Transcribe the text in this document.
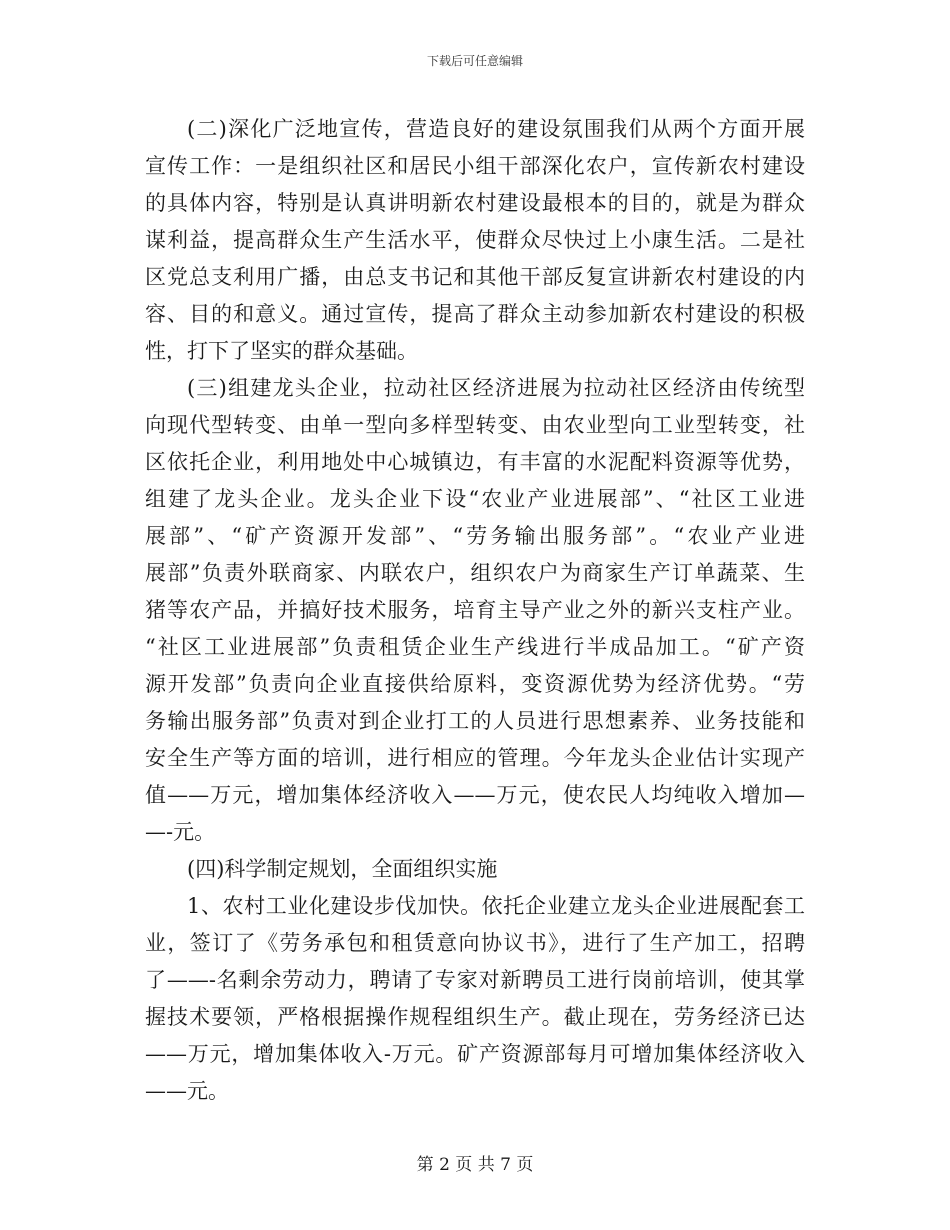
下载后可任意编辑
(二)深化广泛地宣传，营造良好的建设氛围我们从两个方面开展
宣传工作：一是组织社区和居民小组干部深化农户，宣传新农村建设
的具体内容，特别是认真讲明新农村建设最根本的目的，就是为群众
谋利益，提高群众生产生活水平，使群众尽快过上小康生活。二是社
区党总支利用广播，由总支书记和其他干部反复宣讲新农村建设的内
容、目的和意义。通过宣传，提高了群众主动参加新农村建设的积极
性，打下了坚实的群众基础。
(三)组建龙头企业，拉动社区经济进展为拉动社区经济由传统型
向现代型转变、由单一型向多样型转变、由农业型向工业型转变，社
区依托企业，利用地处中心城镇边，有丰富的水泥配料资源等优势，
组建了龙头企业。龙头企业下设“农业产业进展部”、“社区工业进
展部”、“矿产资源开发部”、“劳务输出服务部”。“农业产业进
展部”负责外联商家、内联农户，组织农户为商家生产订单蔬菜、生
猪等农产品，并搞好技术服务，培育主导产业之外的新兴支柱产业。
“社区工业进展部”负责租赁企业生产线进行半成品加工。“矿产资
源开发部”负责向企业直接供给原料，变资源优势为经济优势。“劳
务输出服务部”负责对到企业打工的人员进行思想素养、业务技能和
安全生产等方面的培训，进行相应的管理。今年龙头企业估计实现产
值——万元，增加集体经济收入——万元，使农民人均纯收入增加—
—-元。
(四)科学制定规划，全面组织实施
1、农村工业化建设步伐加快。依托企业建立龙头企业进展配套工
业，签订了《劳务承包和租赁意向协议书》，进行了生产加工，招聘
了——-名剩余劳动力，聘请了专家对新聘员工进行岗前培训，使其掌
握技术要领，严格根据操作规程组织生产。截止现在，劳务经济已达
——万元，增加集体收入-万元。矿产资源部每月可增加集体经济收入
——元。
第 2 页 共 7 页
